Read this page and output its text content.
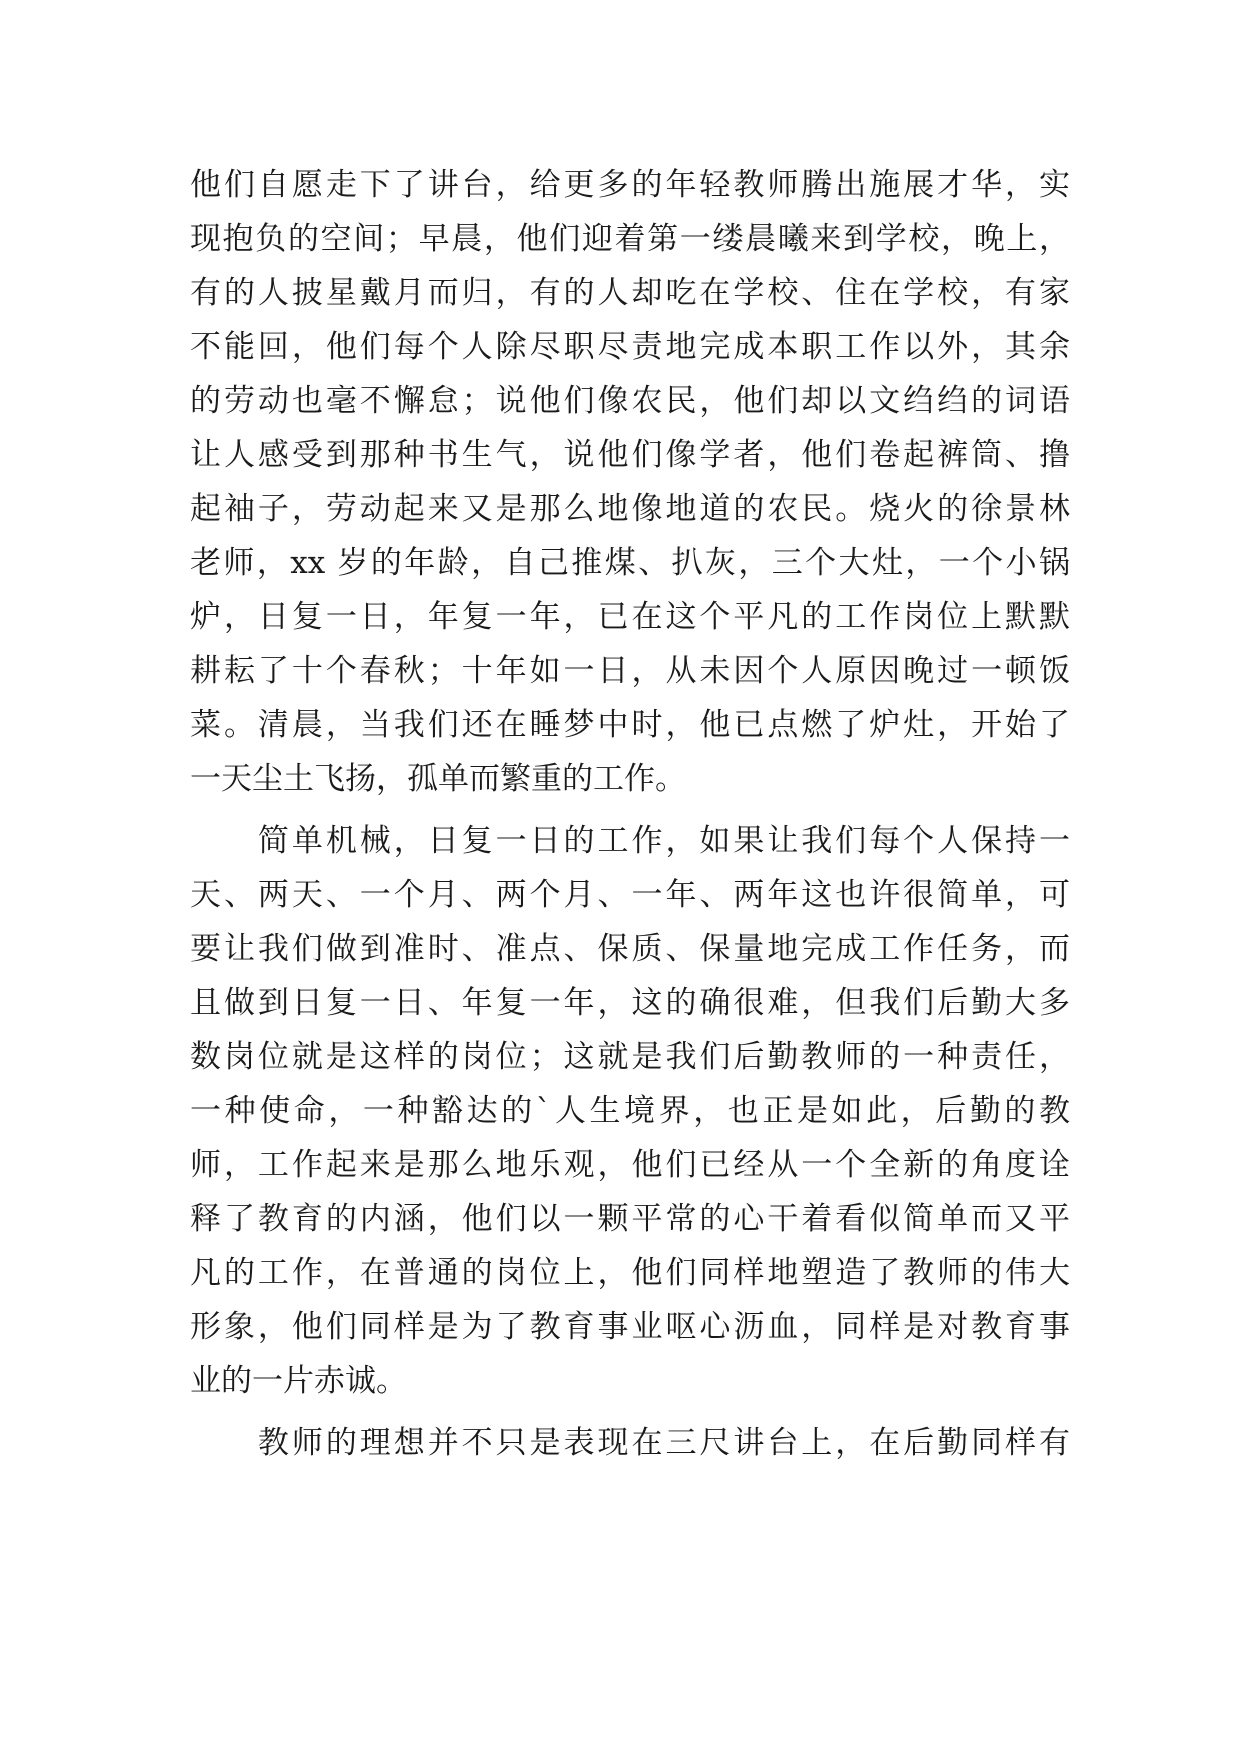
他们自愿走下了讲台，给更多的年轻教师腾出施展才华，实
现抱负的空间；早晨，他们迎着第一缕晨曦来到学校，晚上，
有的人披星戴月而归，有的人却吃在学校、住在学校，有家
不能回，他们每个人除尽职尽责地完成本职工作以外，其余
的劳动也毫不懈怠；说他们像农民，他们却以文绉绉的词语
让人感受到那种书生气，说他们像学者，他们卷起裤筒、撸
起袖子，劳动起来又是那么地像地道的农民。烧火的徐景林
老师，xx 岁的年龄，自己推煤、扒灰，三个大灶，一个小锅
炉，日复一日，年复一年，已在这个平凡的工作岗位上默默
耕耘了十个春秋；十年如一日，从未因个人原因晚过一顿饭
菜。清晨，当我们还在睡梦中时，他已点燃了炉灶，开始了
一天尘土飞扬，孤单而繁重的工作。
　　简单机械，日复一日的工作，如果让我们每个人保持一
天、两天、一个月、两个月、一年、两年这也许很简单，可
要让我们做到准时、准点、保质、保量地完成工作任务，而
且做到日复一日、年复一年，这的确很难，但我们后勤大多
数岗位就是这样的岗位；这就是我们后勤教师的一种责任，
一种使命，一种豁达的`人生境界，也正是如此，后勤的教
师，工作起来是那么地乐观，他们已经从一个全新的角度诠
释了教育的内涵，他们以一颗平常的心干着看似简单而又平
凡的工作，在普通的岗位上，他们同样地塑造了教师的伟大
形象，他们同样是为了教育事业呕心沥血，同样是对教育事
业的一片赤诚。
　　教师的理想并不只是表现在三尺讲台上，在后勤同样有
